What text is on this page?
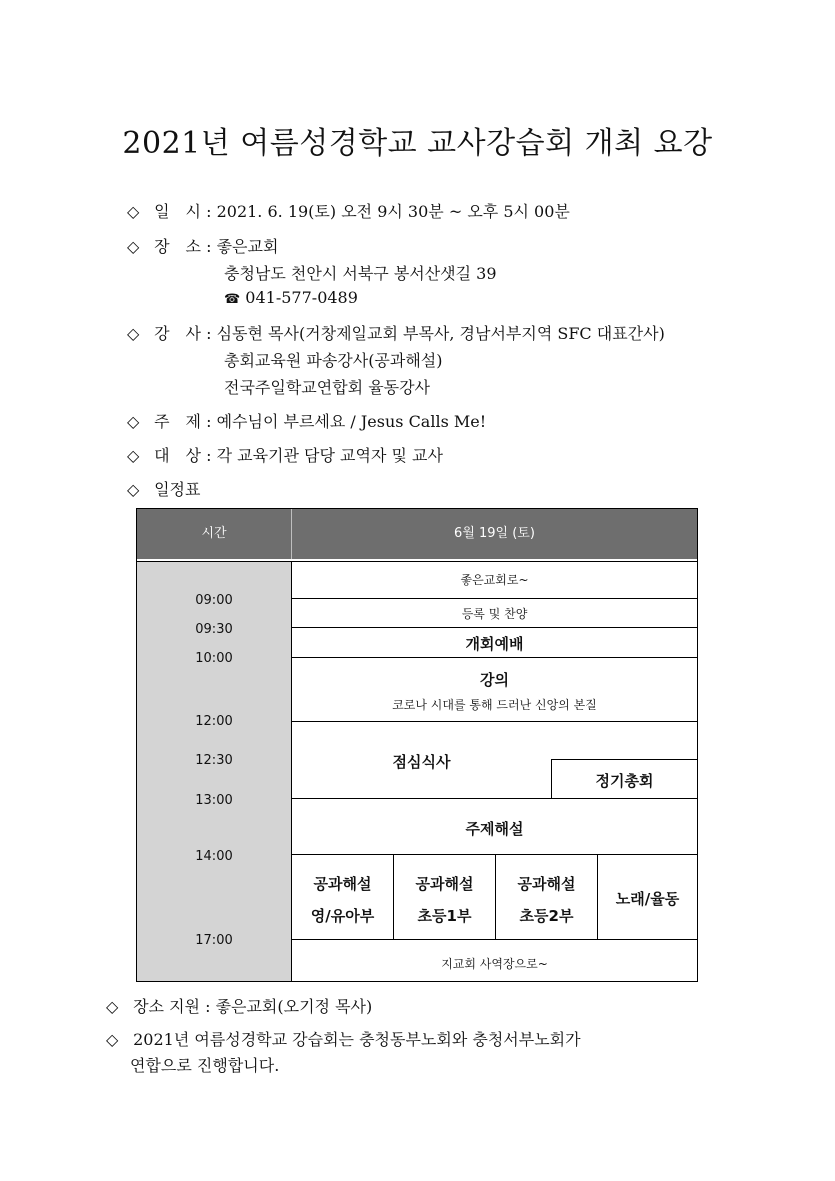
2021년 여름성경학교 교사강습회 개최 요강
◇ 일　시 : 2021. 6. 19(토) 오전 9시 30분 ~ 오후 5시 00분
◇ 장　소 : 좋은교회
충청남도 천안시 서북구 봉서산샛길 39
☎ 041-577-0489
◇ 강　사 : 심동현 목사(거창제일교회 부목사, 경남서부지역 SFC 대표간사)
총회교육원 파송강사(공과해설)
전국주일학교연합회 율동강사
◇ 주　제 : 예수님이 부르세요 / Jesus Calls Me!
◇ 대　상 : 각 교육기관 담당 교역자 및 교사
◇ 일정표
시간	6월 19일 (토)
09:00
09:30
10:00
12:00
12:30
13:00
14:00
17:00
좋은교회로~
등록 및 찬양
개회예배
강의
코로나 시대를 통해 드러난 신앙의 본질
점심식사
정기총회
주제해설
공과해설
영/유아부
공과해설
초등1부
공과해설
초등2부
노래/율동
지교회 사역장으로~
◇ 장소 지원 : 좋은교회(오기정 목사)
◇ 2021년 여름성경학교 강습회는 충청동부노회와 충청서부노회가
연합으로 진행합니다.
